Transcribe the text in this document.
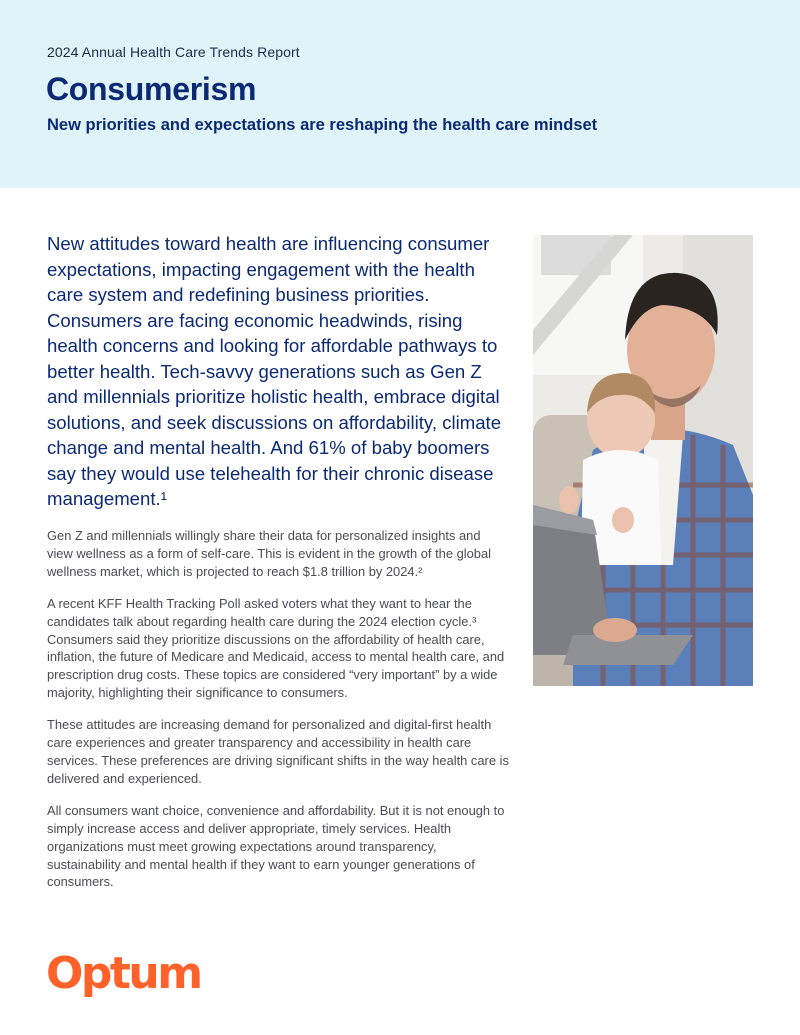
2024 Annual Health Care Trends Report
Consumerism
New priorities and expectations are reshaping the health care mindset

New attitudes toward health are influencing consumer expectations, impacting engagement with the health care system and redefining business priorities. Consumers are facing economic headwinds, rising health concerns and looking for affordable pathways to better health. Tech-savvy generations such as Gen Z and millennials prioritize holistic health, embrace digital solutions, and seek discussions on affordability, climate change and mental health. And 61% of baby boomers say they would use telehealth for their chronic disease management.¹

Gen Z and millennials willingly share their data for personalized insights and view wellness as a form of self-care. This is evident in the growth of the global wellness market, which is projected to reach $1.8 trillion by 2024.²

A recent KFF Health Tracking Poll asked voters what they want to hear the candidates talk about regarding health care during the 2024 election cycle.³ Consumers said they prioritize discussions on the affordability of health care, inflation, the future of Medicare and Medicaid, access to mental health care, and prescription drug costs. These topics are considered “very important” by a wide majority, highlighting their significance to consumers.

These attitudes are increasing demand for personalized and digital-first health care experiences and greater transparency and accessibility in health care services. These preferences are driving significant shifts in the way health care is delivered and experienced.

All consumers want choice, convenience and affordability. But it is not enough to simply increase access and deliver appropriate, timely services. Health organizations must meet growing expectations around transparency, sustainability and mental health if they want to earn younger generations of consumers.

Optum
